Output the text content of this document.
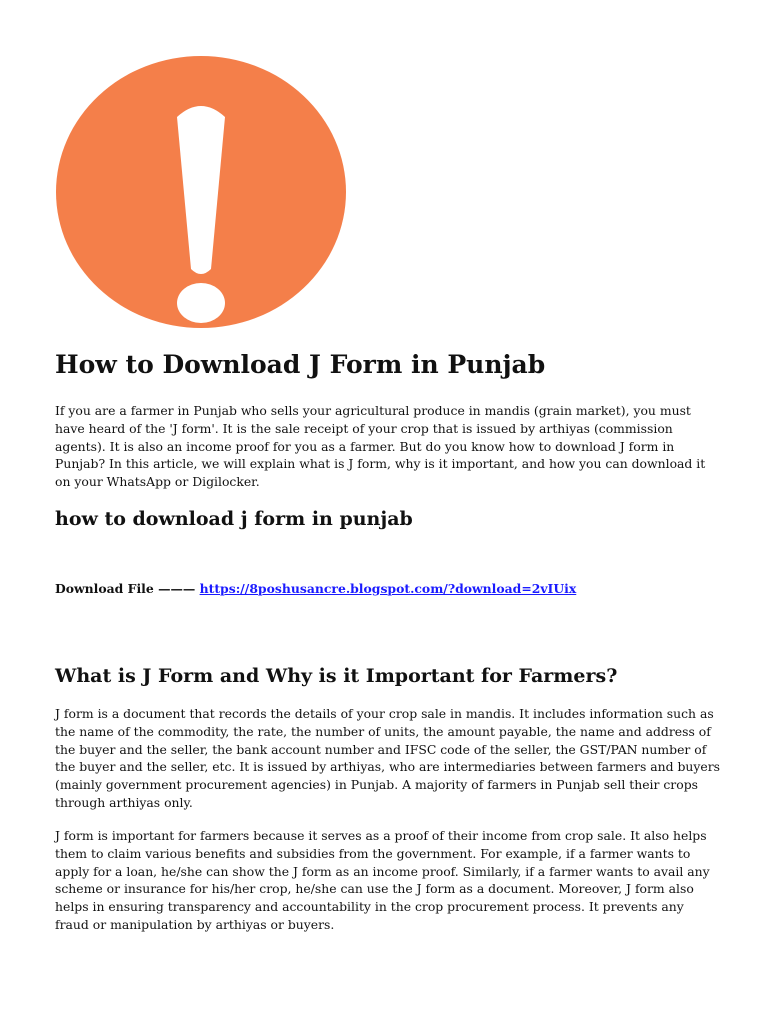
How to Download J Form in Punjab

If you are a farmer in Punjab who sells your agricultural produce in mandis (grain market), you must have heard of the 'J form'. It is the sale receipt of your crop that is issued by arthiyas (commission agents). It is also an income proof for you as a farmer. But do you know how to download J form in Punjab? In this article, we will explain what is J form, why is it important, and how you can download it on your WhatsApp or Digilocker.

how to download j form in punjab
Download File ——— https://8poshusancre.blogspot.com/?download=2vIUix
What is J Form and Why is it Important for Farmers?

J form is a document that records the details of your crop sale in mandis. It includes information such as the name of the commodity, the rate, the number of units, the amount payable, the name and address of the buyer and the seller, the bank account number and IFSC code of the seller, the GST/PAN number of the buyer and the seller, etc. It is issued by arthiyas, who are intermediaries between farmers and buyers (mainly government procurement agencies) in Punjab. A majority of farmers in Punjab sell their crops through arthiyas only.

J form is important for farmers because it serves as a proof of their income from crop sale. It also helps them to claim various benefits and subsidies from the government. For example, if a farmer wants to apply for a loan, he/she can show the J form as an income proof. Similarly, if a farmer wants to avail any scheme or insurance for his/her crop, he/she can use the J form as a document. Moreover, J form also helps in ensuring transparency and accountability in the crop procurement process. It prevents any fraud or manipulation by arthiyas or buyers.
